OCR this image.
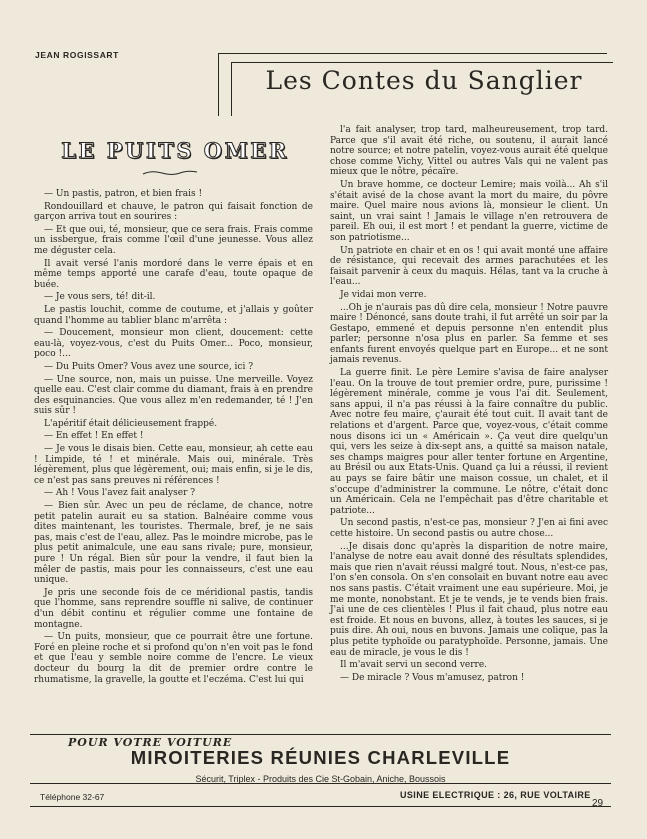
JEAN ROGISSART
Les Contes du Sanglier
LE PUITS OMER

— Un pastis, patron, et bien frais !

Rondouillard et chauve, le patron qui faisait fonction de garçon arriva tout en sourires :

— Et que oui, té, monsieur, que ce sera frais. Frais comme un issbergue, frais comme l'œil d'une jeunesse. Vous allez me déguster cela.

Il avait versé l'anis mordoré dans le verre épais et en même temps apporté une carafe d'eau, toute opaque de buée.

— Je vous sers, té! dit-il.

Le pastis louchit, comme de coutume, et j'allais y goûter quand l'homme au tablier blanc m'arrêta :

— Doucement, monsieur mon client, doucement: cette eau-là, voyez-vous, c'est du Puits Omer... Poco, monsieur, poco !...

— Du Puits Omer? Vous avez une source, ici ?

— Une source, non, mais un puisse. Une merveille. Voyez quelle eau. C'est clair comme du diamant, frais à en prendre des esquinancies. Que vous allez m'en redemander, té ! J'en suis sûr !

L'apéritif était délicieusement frappé.

— En effet ! En effet !

— Je vous le disais bien. Cette eau, monsieur, ah cette eau ! Limpide, té ! et minérale. Mais oui, minérale. Très légèrement, plus que légèrement, oui; mais enfin, si je le dis, ce n'est pas sans preuves ni références !

— Ah ! Vous l'avez fait analyser ?

— Bien sûr. Avec un peu de réclame, de chance, notre petit patelin aurait eu sa station. Balnéaire comme vous dites maintenant, les touristes. Thermale, bref, je ne sais pas, mais c'est de l'eau, allez. Pas le moindre microbe, pas le plus petit animalcule, une eau sans rivale; pure, monsieur, pure ! Un régal. Bien sûr pour la vendre, il faut bien la mêler de pastis, mais pour les connaisseurs, c'est une eau unique.

Je pris une seconde fois de ce méridional pastis, tandis que l'homme, sans reprendre souffle ni salive, de continuer d'un débit continu et régulier comme une fontaine de montagne.

— Un puits, monsieur, que ce pourrait être une fortune. Foré en pleine roche et si profond qu'on n'en voit pas le fond et que l'eau y semble noire comme de l'encre. Le vieux docteur du bourg la dit de premier ordre contre le rhumatisme, la gravelle, la goutte et l'eczéma. C'est lui qui

l'a fait analyser, trop tard, malheureusement, trop tard. Parce que s'il avait été riche, ou soutenu, il aurait lancé notre source; et notre patelin, voyez-vous aurait été quelque chose comme Vichy, Vittel ou autres Vals qui ne valent pas mieux que le nôtre, pécaïre.

Un brave homme, ce docteur Lemire; mais voilà... Ah s'il s'était avisé de la chose avant la mort du maire, du pôvre maire. Quel maire nous avions là, monsieur le client. Un saint, un vrai saint ! Jamais le village n'en retrouvera de pareil. Eh oui, il est mort ! et pendant la guerre, victime de son patriotisme...

Un patriote en chair et en os ! qui avait monté une affaire de résistance, qui recevait des armes parachutées et les faisait parvenir à ceux du maquis. Hélas, tant va la cruche à l'eau...

Je vidai mon verre.

...Oh je n'aurais pas dû dire cela, monsieur ! Notre pauvre maire ! Dénoncé, sans doute trahi, il fut arrêté un soir par la Gestapo, emmené et depuis personne n'en entendit plus parler; personne n'osa plus en parler. Sa femme et ses enfants furent envoyés quelque part en Europe... et ne sont jamais revenus.

La guerre finit. Le père Lemire s'avisa de faire analyser l'eau. On la trouve de tout premier ordre, pure, purissime ! légèrement minérale, comme je vous l'ai dit. Seulement, sans appui, il n'a pas réussi à la faire connaître du public. Avec notre feu maire, ç'aurait été tout cuit. Il avait tant de relations et d'argent. Parce que, voyez-vous, c'était comme nous disons ici un « Américain ». Ça veut dire quelqu'un qui, vers les seize à dix-sept ans, a quitté sa maison natale, ses champs maigres pour aller tenter fortune en Argentine, au Brésil ou aux Etats-Unis. Quand ça lui a réussi, il revient au pays se faire bâtir une maison cossue, un chalet, et il s'occupe d'administrer la commune. Le nôtre, c'était donc un Américain. Cela ne l'empêchait pas d'être charitable et patriote...

Un second pastis, n'est-ce pas, monsieur ? J'en ai fini avec cette histoire. Un second pastis ou autre chose...

...Je disais donc qu'après la disparition de notre maire, l'analyse de notre eau avait donné des résultats splendides, mais que rien n'avait réussi malgré tout. Nous, n'est-ce pas, l'on s'en consola. On s'en consolait en buvant notre eau avec nos sans pastis. C'était vraiment une eau supérieure. Moi, je me monte, nonobstant. Et je te vends, je te vends bien frais. J'ai une de ces clientèles ! Plus il fait chaud, plus notre eau est froide. Et nous en buvons, allez, à toutes les sauces, si je puis dire. Ah oui, nous en buvons. Jamais une colique, pas la plus petite typhoïde ou paratyphoïde. Personne, jamais. Une eau de miracle, je vous le dis !

Il m'avait servi un second verre.

— De miracle ? Vous m'amusez, patron !

POUR VOTRE VOITURE
MIROITERIES RÉUNIES CHARLEVILLE
Sécurit, Triplex - Produits des Cie St-Gobain, Aniche, Boussois
Téléphone 32-67	USINE ELECTRIQUE : 26, RUE VOLTAIRE
29
